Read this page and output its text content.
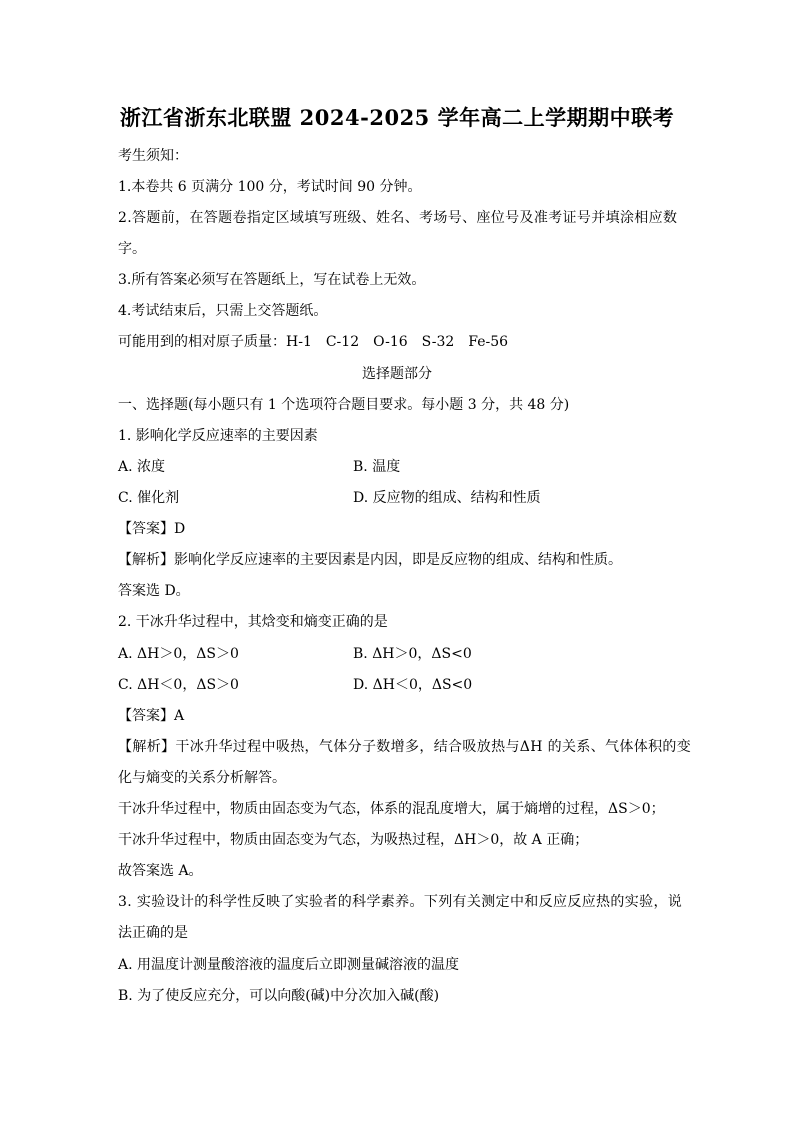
浙江省浙东北联盟 2024-2025 学年高二上学期期中联考
考生须知：
1.本卷共 6 页满分 100 分，考试时间 90 分钟。
2.答题前，在答题卷指定区域填写班级、姓名、考场号、座位号及准考证号并填涂相应数
字。
3.所有答案必须写在答题纸上，写在试卷上无效。
4.考试结束后，只需上交答题纸。
可能用到的相对原子质量：H-1　C-12　O-16　S-32　Fe-56
选择题部分
一、选择题(每小题只有 1 个选项符合题目要求。每小题 3 分，共 48 分)
1. 影响化学反应速率的主要因素
A. 浓度	B. 温度
C. 催化剂	D. 反应物的组成、结构和性质
【答案】D
【解析】影响化学反应速率的主要因素是内因，即是反应物的组成、结构和性质。
答案选 D。
2. 干冰升华过程中，其焓变和熵变正确的是
A. ΔH＞0，ΔS＞0	B. ΔH＞0，ΔS<0
C. ΔH＜0，ΔS＞0	D. ΔH＜0，ΔS<0
【答案】A
【解析】干冰升华过程中吸热，气体分子数增多，结合吸放热与ΔH 的关系、气体体积的变
化与熵变的关系分析解答。
干冰升华过程中，物质由固态变为气态，体系的混乱度增大，属于熵增的过程，ΔS＞0；
干冰升华过程中，物质由固态变为气态，为吸热过程，ΔH＞0，故 A 正确；
故答案选 A。
3. 实验设计的科学性反映了实验者的科学素养。下列有关测定中和反应反应热的实验，说
法正确的是
A. 用温度计测量酸溶液的温度后立即测量碱溶液的温度
B. 为了使反应充分，可以向酸(碱)中分次加入碱(酸)
